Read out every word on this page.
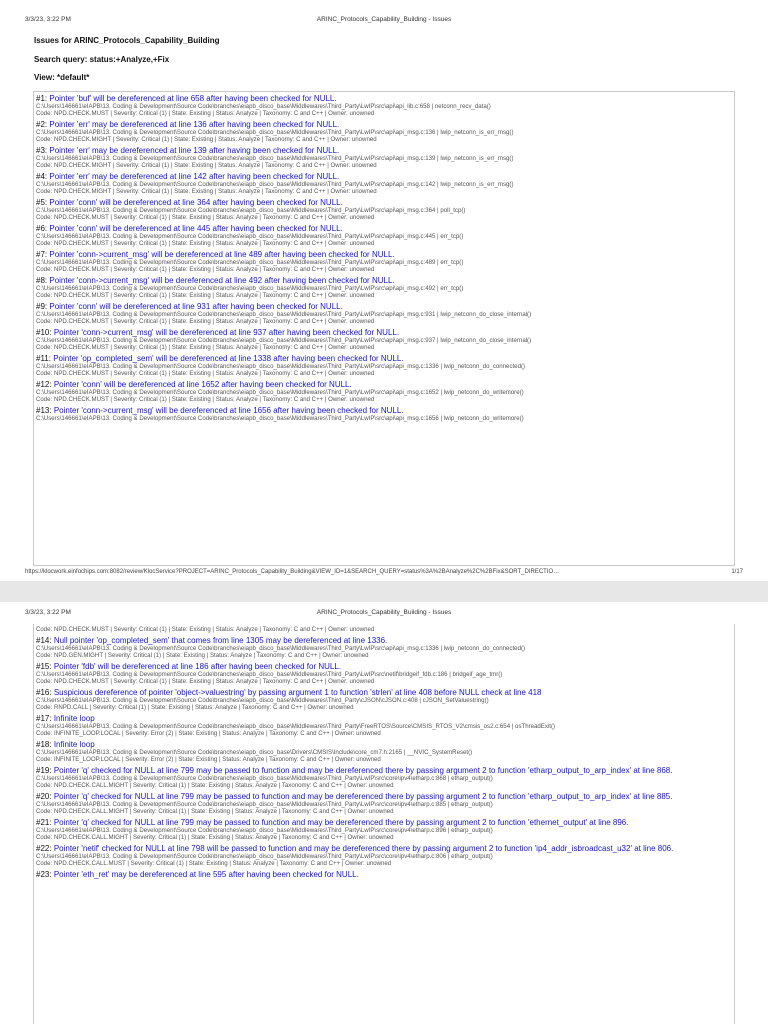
3/3/23, 3:22 PM	ARINC_Protocols_Capability_Building - Issues
Issues for ARINC_Protocols_Capability_Building
Search query: status:+Analyze,+Fix
View: *default*
#1: Pointer 'buf' will be dereferenced at line 658 after having been checked for NULL.
C:\Users\146661\eIAPB\13. Coding & Development\Source Code\branches\eiapb_disco_base\Middlewares\Third_Party\LwIP\src\api\api_lib.c:658 | netconn_recv_data()
Code: NPD.CHECK.MUST | Severity: Critical (1) | State: Existing | Status: Analyze | Taxonomy: C and C++ | Owner: unowned
#2: Pointer 'err' may be dereferenced at line 136 after having been checked for NULL.
C:\Users\146661\eIAPB\13. Coding & Development\Source Code\branches\eiapb_disco_base\Middlewares\Third_Party\LwIP\src\api\api_msg.c:136 | lwip_netconn_is_err_msg()
Code: NPD.CHECK.MIGHT | Severity: Critical (1) | State: Existing | Status: Analyze | Taxonomy: C and C++ | Owner: unowned
#3: Pointer 'err' may be dereferenced at line 139 after having been checked for NULL.
C:\Users\146661\eIAPB\13. Coding & Development\Source Code\branches\eiapb_disco_base\Middlewares\Third_Party\LwIP\src\api\api_msg.c:139 | lwip_netconn_is_err_msg()
Code: NPD.CHECK.MIGHT | Severity: Critical (1) | State: Existing | Status: Analyze | Taxonomy: C and C++ | Owner: unowned
#4: Pointer 'err' may be dereferenced at line 142 after having been checked for NULL.
C:\Users\146661\eIAPB\13. Coding & Development\Source Code\branches\eiapb_disco_base\Middlewares\Third_Party\LwIP\src\api\api_msg.c:142 | lwip_netconn_is_err_msg()
Code: NPD.CHECK.MIGHT | Severity: Critical (1) | State: Existing | Status: Analyze | Taxonomy: C and C++ | Owner: unowned
#5: Pointer 'conn' will be dereferenced at line 364 after having been checked for NULL.
C:\Users\146661\eIAPB\13. Coding & Development\Source Code\branches\eiapb_disco_base\Middlewares\Third_Party\LwIP\src\api\api_msg.c:364 | poll_tcp()
Code: NPD.CHECK.MUST | Severity: Critical (1) | State: Existing | Status: Analyze | Taxonomy: C and C++ | Owner: unowned
#6: Pointer 'conn' will be dereferenced at line 445 after having been checked for NULL.
C:\Users\146661\eIAPB\13. Coding & Development\Source Code\branches\eiapb_disco_base\Middlewares\Third_Party\LwIP\src\api\api_msg.c:445 | err_tcp()
Code: NPD.CHECK.MUST | Severity: Critical (1) | State: Existing | Status: Analyze | Taxonomy: C and C++ | Owner: unowned
#7: Pointer 'conn->current_msg' will be dereferenced at line 489 after having been checked for NULL.
C:\Users\146661\eIAPB\13. Coding & Development\Source Code\branches\eiapb_disco_base\Middlewares\Third_Party\LwIP\src\api\api_msg.c:489 | err_tcp()
Code: NPD.CHECK.MUST | Severity: Critical (1) | State: Existing | Status: Analyze | Taxonomy: C and C++ | Owner: unowned
#8: Pointer 'conn->current_msg' will be dereferenced at line 492 after having been checked for NULL.
C:\Users\146661\eIAPB\13. Coding & Development\Source Code\branches\eiapb_disco_base\Middlewares\Third_Party\LwIP\src\api\api_msg.c:492 | err_tcp()
Code: NPD.CHECK.MUST | Severity: Critical (1) | State: Existing | Status: Analyze | Taxonomy: C and C++ | Owner: unowned
#9: Pointer 'conn' will be dereferenced at line 931 after having been checked for NULL.
C:\Users\146661\eIAPB\13. Coding & Development\Source Code\branches\eiapb_disco_base\Middlewares\Third_Party\LwIP\src\api\api_msg.c:931 | lwip_netconn_do_close_internal()
Code: NPD.CHECK.MUST | Severity: Critical (1) | State: Existing | Status: Analyze | Taxonomy: C and C++ | Owner: unowned
#10: Pointer 'conn->current_msg' will be dereferenced at line 937 after having been checked for NULL.
C:\Users\146661\eIAPB\13. Coding & Development\Source Code\branches\eiapb_disco_base\Middlewares\Third_Party\LwIP\src\api\api_msg.c:937 | lwip_netconn_do_close_internal()
Code: NPD.CHECK.MUST | Severity: Critical (1) | State: Existing | Status: Analyze | Taxonomy: C and C++ | Owner: unowned
#11: Pointer 'op_completed_sem' will be dereferenced at line 1338 after having been checked for NULL.
C:\Users\146661\eIAPB\13. Coding & Development\Source Code\branches\eiapb_disco_base\Middlewares\Third_Party\LwIP\src\api\api_msg.c:1336 | lwip_netconn_do_connected()
Code: NPD.CHECK.MUST | Severity: Critical (1) | State: Existing | Status: Analyze | Taxonomy: C and C++ | Owner: unowned
#12: Pointer 'conn' will be dereferenced at line 1652 after having been checked for NULL.
C:\Users\146661\eIAPB\13. Coding & Development\Source Code\branches\eiapb_disco_base\Middlewares\Third_Party\LwIP\src\api\api_msg.c:1652 | lwip_netconn_do_writemore()
Code: NPD.CHECK.MUST | Severity: Critical (1) | State: Existing | Status: Analyze | Taxonomy: C and C++ | Owner: unowned
#13: Pointer 'conn->current_msg' will be dereferenced at line 1656 after having been checked for NULL.
C:\Users\146661\eIAPB\13. Coding & Development\Source Code\branches\eiapb_disco_base\Middlewares\Third_Party\LwIP\src\api\api_msg.c:1656 | lwip_netconn_do_writemore()
https://klocwork.einfochips.com:8082/review/KlocService?PROJECT=ARINC_Protocols_Capability_Building&VIEW_ID=1&SEARCH_QUERY=status%3A%2BAnalyze%2C%2BFix&SORT_DIRECTIO…	1/17
3/3/23, 3:22 PM	ARINC_Protocols_Capability_Building - Issues
Code: NPD.CHECK.MUST | Severity: Critical (1) | State: Existing | Status: Analyze | Taxonomy: C and C++ | Owner: unowned
#14: Null pointer 'op_completed_sem' that comes from line 1305 may be dereferenced at line 1336.
C:\Users\146661\eIAPB\13. Coding & Development\Source Code\branches\eiapb_disco_base\Middlewares\Third_Party\LwIP\src\api\api_msg.c:1336 | lwip_netconn_do_connected()
Code: NPD.GEN.MIGHT | Severity: Critical (1) | State: Existing | Status: Analyze | Taxonomy: C and C++ | Owner: unowned
#15: Pointer 'fdb' will be dereferenced at line 186 after having been checked for NULL.
C:\Users\146661\eIAPB\13. Coding & Development\Source Code\branches\eiapb_disco_base\Middlewares\Third_Party\LwIP\src\netif\bridgeif_fdb.c:186 | bridgeif_age_tmr()
Code: NPD.CHECK.MUST | Severity: Critical (1) | State: Existing | Status: Analyze | Taxonomy: C and C++ | Owner: unowned
#16: Suspicious dereference of pointer 'object->valuestring' by passing argument 1 to function 'strlen' at line 408 before NULL check at line 418
C:\Users\146661\eIAPB\13. Coding & Development\Source Code\branches\eiapb_disco_base\Middlewares\Third_Party\cJSON\cJSON.c:408 | cJSON_SetValuestring()
Code: RNPD.CALL | Severity: Critical (1) | State: Existing | Status: Analyze | Taxonomy: C and C++ | Owner: unowned
#17: Infinite loop
C:\Users\146661\eIAPB\13. Coding & Development\Source Code\branches\eiapb_disco_base\Middlewares\Third_Party\FreeRTOS\Source\CMSIS_RTOS_V2\cmsis_os2.c:654 | osThreadExit()
Code: INFINITE_LOOP.LOCAL | Severity: Error (2) | State: Existing | Status: Analyze | Taxonomy: C and C++ | Owner: unowned
#18: Infinite loop
C:\Users\146661\eIAPB\13. Coding & Development\Source Code\branches\eiapb_disco_base\Drivers\CMSIS\Include\core_cm7.h:2165 | __NVIC_SystemReset()
Code: INFINITE_LOOP.LOCAL | Severity: Error (2) | State: Existing | Status: Analyze | Taxonomy: C and C++ | Owner: unowned
#19: Pointer 'q' checked for NULL at line 799 may be passed to function and may be dereferenced there by passing argument 2 to function 'etharp_output_to_arp_index' at line 868.
C:\Users\146661\eIAPB\13. Coding & Development\Source Code\branches\eiapb_disco_base\Middlewares\Third_Party\LwIP\src\core\ipv4\etharp.c:868 | etharp_output()
Code: NPD.CHECK.CALL.MIGHT | Severity: Critical (1) | State: Existing | Status: Analyze | Taxonomy: C and C++ | Owner: unowned
#20: Pointer 'q' checked for NULL at line 799 may be passed to function and may be dereferenced there by passing argument 2 to function 'etharp_output_to_arp_index' at line 885.
C:\Users\146661\eIAPB\13. Coding & Development\Source Code\branches\eiapb_disco_base\Middlewares\Third_Party\LwIP\src\core\ipv4\etharp.c:885 | etharp_output()
Code: NPD.CHECK.CALL.MIGHT | Severity: Critical (1) | State: Existing | Status: Analyze | Taxonomy: C and C++ | Owner: unowned
#21: Pointer 'q' checked for NULL at line 799 may be passed to function and may be dereferenced there by passing argument 2 to function 'ethernet_output' at line 896.
C:\Users\146661\eIAPB\13. Coding & Development\Source Code\branches\eiapb_disco_base\Middlewares\Third_Party\LwIP\src\core\ipv4\etharp.c:896 | etharp_output()
Code: NPD.CHECK.CALL.MIGHT | Severity: Critical (1) | State: Existing | Status: Analyze | Taxonomy: C and C++ | Owner: unowned
#22: Pointer 'netif' checked for NULL at line 798 will be passed to function and may be dereferenced there by passing argument 2 to function 'ip4_addr_isbroadcast_u32' at line 806.
C:\Users\146661\eIAPB\13. Coding & Development\Source Code\branches\eiapb_disco_base\Middlewares\Third_Party\LwIP\src\core\ipv4\etharp.c:806 | etharp_output()
Code: NPD.CHECK.CALL.MUST | Severity: Critical (1) | State: Existing | Status: Analyze | Taxonomy: C and C++ | Owner: unowned
#23: Pointer 'eth_ret' may be dereferenced at line 595 after having been checked for NULL.
